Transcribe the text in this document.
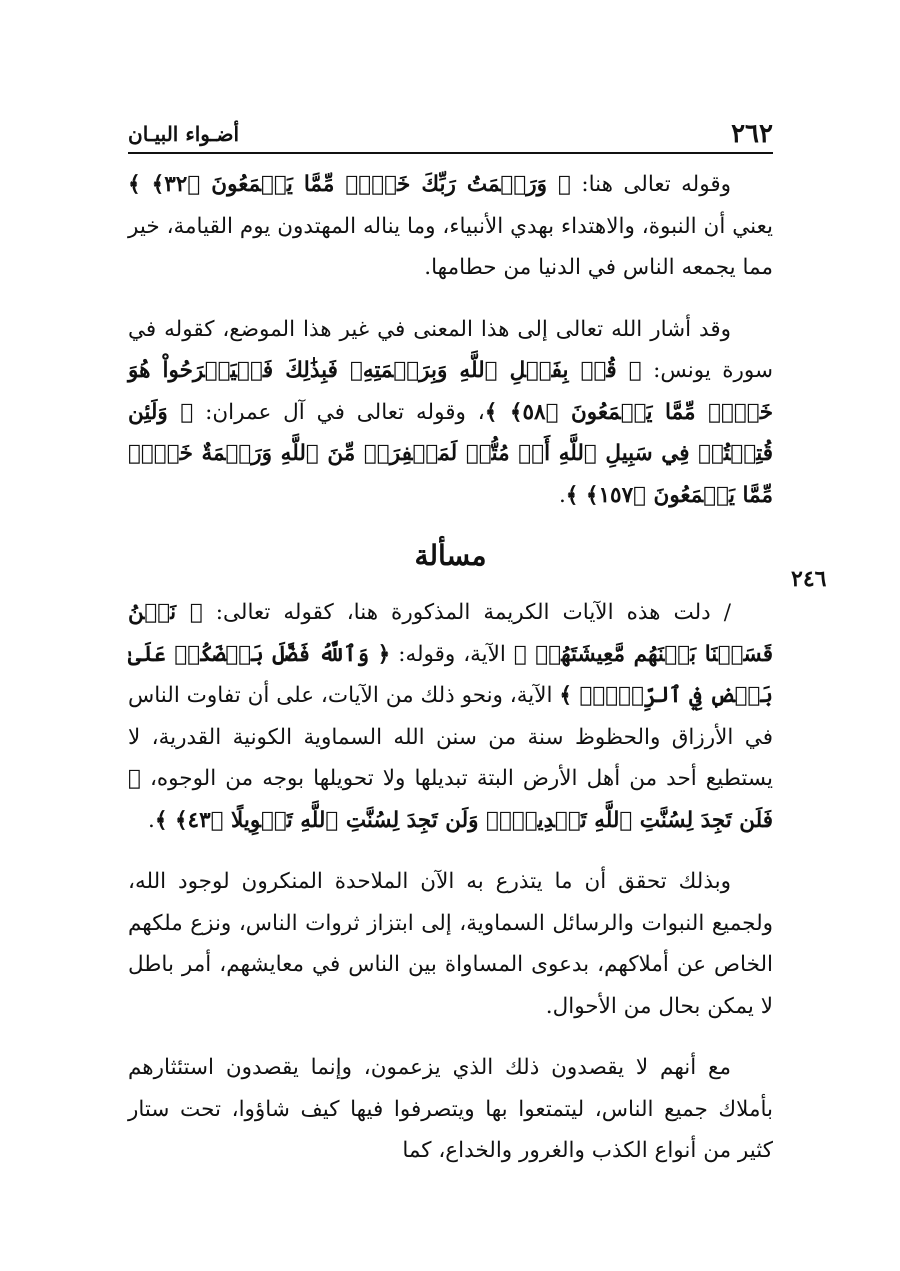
٢٦٢
أضـواء البيـان
٢٤٦

وقوله تعالى هنا: ﴿ وَرَحۡمَتُ رَبِّكَ خَيۡرٞ مِّمَّا يَجۡمَعُونَ ﴿٣٢﴾ ﴾ يعني أن النبوة، والاهتداء بهدي الأنبياء، وما يناله المهتدون يوم القيامة، خير مما يجمعه الناس في الدنيا من حطامها.

وقد أشار الله تعالى إلى هذا المعنى في غير هذا الموضع، كقوله في سورة يونس: ﴿ قُلۡ بِفَضۡلِ ٱللَّهِ وَبِرَحۡمَتِهِۦ فَبِذَٰلِكَ فَلۡيَفۡرَحُواْ هُوَ خَيۡرٞ مِّمَّا يَجۡمَعُونَ ﴿٥٨﴾ ﴾، وقوله تعالى في آل عمران: ﴿ وَلَئِن قُتِلۡتُمۡ فِي سَبِيلِ ٱللَّهِ أَوۡ مُتُّمۡ لَمَغۡفِرَةٞ مِّنَ ٱللَّهِ وَرَحۡمَةٌ خَيۡرٞ مِّمَّا يَجۡمَعُونَ ﴿١٥٧﴾ ﴾.

مسألة

/ دلت هذه الآيات الكريمة المذكورة هنا، كقوله تعالى: ﴿ نَحۡنُ قَسَمۡنَا بَيۡنَهُم مَّعِيشَتَهُمۡ ﴾ الآية، وقوله: ﴿ وَٱللَّهُ فَضَّلَ بَعۡضَكُمۡ عَلَىٰ بَعۡضٖ فِي ٱلرِّزۡقِۚ ﴾ الآية، ونحو ذلك من الآيات، على أن تفاوت الناس في الأرزاق والحظوظ سنة من سنن الله السماوية الكونية القدرية، لا يستطيع أحد من أهل الأرض البتة تبديلها ولا تحويلها بوجه من الوجوه، ﴿ فَلَن تَجِدَ لِسُنَّتِ ٱللَّهِ تَبۡدِيلٗاۖ وَلَن تَجِدَ لِسُنَّتِ ٱللَّهِ تَحۡوِيلًا ﴿٤٣﴾ ﴾.

وبذلك تحقق أن ما يتذرع به الآن الملاحدة المنكرون لوجود الله، ولجميع النبوات والرسائل السماوية، إلى ابتزاز ثروات الناس، ونزع ملكهم الخاص عن أملاكهم، بدعوى المساواة بين الناس في معايشهم، أمر باطل لا يمكن بحال من الأحوال.

مع أنهم لا يقصدون ذلك الذي يزعمون، وإنما يقصدون استئثارهم بأملاك جميع الناس، ليتمتعوا بها ويتصرفوا فيها كيف شاؤوا، تحت ستار كثير من أنواع الكذب والغرور والخداع، كما
